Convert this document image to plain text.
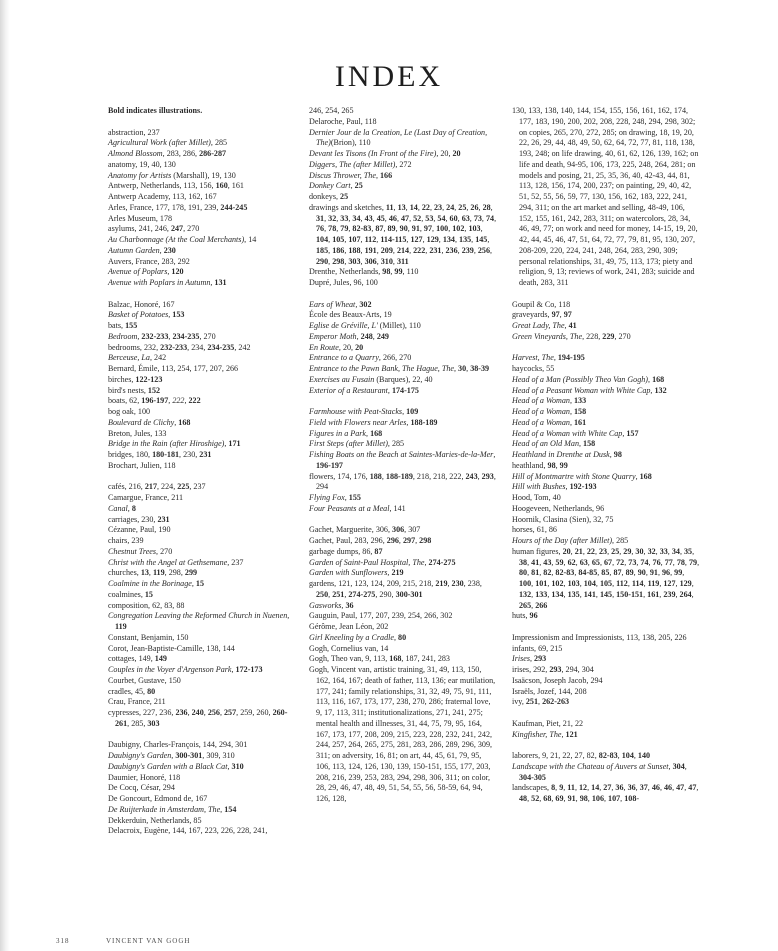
INDEX
Bold indicates illustrations.
abstraction, 237
Agricultural Work (after Millet), 285
Almond Blossom, 283, 286, 286-287
anatomy, 19, 40, 130
Anatomy for Artists (Marshall), 19, 130
Antwerp, Netherlands, 113, 156, 160, 161
Antwerp Academy, 113, 162, 167
Arles, France, 177, 178, 191, 239, 244-245
Arles Museum, 178
asylums, 241, 246, 247, 270
Au Charbonnage (At the Coal Merchants), 14
Autumn Garden, 230
Auvers, France, 283, 292
Avenue of Poplars, 120
Avenue with Poplars in Autumn, 131
Balzac, Honoré, 167
Basket of Potatoes, 153
bats, 155
Bedroom, 232-233, 234-235, 270
bedrooms, 232, 232-233, 234, 234-235, 242
Berceuse, La, 242
Bernard, Émile, 113, 254, 177, 207, 266
birches, 122-123
bird's nests, 152
boats, 62, 196-197, 222, 222
bog oak, 100
Boulevard de Clichy, 168
Breton, Jules, 133
Bridge in the Rain (after Hiroshige), 171
bridges, 180, 180-181, 230, 231
Brochart, Julien, 118
cafés, 216, 217, 224, 225, 237
Camargue, France, 211
Canal, 8
carriages, 230, 231
Cézanne, Paul, 190
chairs, 239
Chestnut Trees, 270
Christ with the Angel at Gethsemane, 237
churches, 13, 119, 298, 299
Coalmine in the Borinage, 15
coalmines, 15
composition, 62, 83, 88
Congregation Leaving the Reformed Church in Nuenen, 119
Constant, Benjamin, 150
Corot, Jean-Baptiste-Camille, 138, 144
cottages, 149, 149
Couples in the Voyer d'Argenson Park, 172-173
Courbet, Gustave, 150
cradles, 45, 80
Crau, France, 211
cypresses, 227, 236, 236, 240, 256, 257, 259, 260, 260-261, 285, 303
Daubigny, Charles-François, 144, 294, 301
Daubigny's Garden, 300-301, 309, 310
Daubigny's Garden with a Black Cat, 310
Daumier, Honoré, 118
De Cocq, César, 294
De Goncourt, Edmond de, 167
De Ruijterkade in Amsterdam, The, 154
Dekkerduin, Netherlands, 85
Delacroix, Eugène, 144, 167, 223, 226, 228, 241,
246, 254, 265
Delaroche, Paul, 118
Dernier Jour de la Creation, Le (Last Day of Creation, The)(Brion), 110
Devant les Tisons (In Front of the Fire), 20, 20
Diggers, The (after Millet), 272
Discus Thrower, The, 166
Donkey Cart, 25
donkeys, 25
drawings and sketches, 11, 13, 14, 22, 23, 24, 25, 26, 28, 31, 32, 33, 34, 43, 45, 46, 47, 52, 53, 54, 60, 63, 73, 74, 76, 78, 79, 82-83, 87, 89, 90, 91, 97, 100, 102, 103, 104, 105, 107, 112, 114-115, 127, 129, 134, 135, 145, 185, 186, 188, 191, 209, 214, 222, 231, 236, 239, 256, 290, 298, 303, 306, 310, 311
Drenthe, Netherlands, 98, 99, 110
Dupré, Jules, 96, 100
Ears of Wheat, 302
École des Beaux-Arts, 19
Eglise de Gréville, L' (Millet), 110
Emperor Moth, 248, 249
En Route, 20, 20
Entrance to a Quarry, 266, 270
Entrance to the Pawn Bank, The Hague, The, 30, 38-39
Exercises au Fusain (Barques), 22, 40
Exterior of a Restaurant, 174-175
Farmhouse with Peat-Stacks, 109
Field with Flowers near Arles, 188-189
Figures in a Park, 168
First Steps (after Millet), 285
Fishing Boats on the Beach at Saintes-Maries-de-la-Mer, 196-197
flowers, 174, 176, 188, 188-189, 218, 218, 222, 243, 293, 294
Flying Fox, 155
Four Peasants at a Meal, 141
Gachet, Marguerite, 306, 306, 307
Gachet, Paul, 283, 296, 296, 297, 298
garbage dumps, 86, 87
Garden of Saint-Paul Hospital, The, 274-275
Garden with Sunflowers, 219
gardens, 121, 123, 124, 209, 215, 218, 219, 230, 238, 250, 251, 274-275, 290, 300-301
Gasworks, 36
Gauguin, Paul, 177, 207, 239, 254, 266, 302
Gérôme, Jean Léon, 202
Girl Kneeling by a Cradle, 80
Gogh, Cornelius van, 14
Gogh, Theo van, 9, 113, 168, 187, 241, 283
Gogh, Vincent van, artistic training, 31, 49, 113, 150, 162, 164, 167; death of father, 113, 136; ear mutilation, 177, 241; family relationships, 31, 32, 49, 75, 91, 111, 113, 116, 167, 173, 177, 238, 270, 286; fraternal love, 9, 17, 113, 311; institutionalizations, 271, 241, 275; mental health and illnesses, 31, 44, 75, 79, 95, 164, 167, 173, 177, 208, 209, 215, 223, 228, 232, 241, 242, 244, 257, 264, 265, 275, 281, 283, 286, 289, 296, 309, 311; on adversity, 16, 81; on art, 44, 45, 61, 79, 95, 106, 113, 124, 126, 130, 139, 150-151, 155, 177, 203, 208, 216, 239, 253, 283, 294, 298, 306, 311; on color, 28, 29, 46, 47, 48, 49, 51, 54, 55, 56, 58-59, 64, 94, 126, 128,
130, 133, 138, 140, 144, 154, 155, 156, 161, 162, 174, 177, 183, 190, 200, 202, 208, 228, 248, 294, 298, 302; on copies, 265, 270, 272, 285; on drawing, 18, 19, 20, 22, 26, 29, 44, 48, 49, 50, 62, 64, 72, 77, 81, 118, 138, 193, 248; on life drawing, 40, 61, 62, 126, 139, 162; on life and death, 94-95, 106, 173, 225, 248, 264, 281; on models and posing, 21, 25, 35, 36, 40, 42-43, 44, 81, 113, 128, 156, 174, 200, 237; on painting, 29, 40, 42, 51, 52, 55, 56, 59, 77, 130, 156, 162, 183, 222, 241, 294, 311; on the art market and selling, 48-49, 106, 152, 155, 161, 242, 283, 311; on watercolors, 28, 34, 46, 49, 77; on work and need for money, 14-15, 19, 20, 42, 44, 45, 46, 47, 51, 64, 72, 77, 79, 81, 95, 130, 207, 208-209, 220, 224, 241, 248, 264, 283, 290, 309; personal relationships, 31, 49, 75, 113, 173; piety and religion, 9, 13; reviews of work, 241, 283; suicide and death, 283, 311
Goupil & Co, 118
graveyards, 97, 97
Great Lady, The, 41
Green Vineyards, The, 228, 229, 270
Harvest, The, 194-195
haycocks, 55
Head of a Man (Possibly Theo Van Gogh), 168
Head of a Peasant Woman with White Cap, 132
Head of a Woman, 133
Head of a Woman, 158
Head of a Woman, 161
Head of a Woman with White Cap, 157
Head of an Old Man, 158
Heathland in Drenthe at Dusk, 98
heathland, 98, 99
Hill of Montmartre with Stone Quarry, 168
Hill with Bushes, 192-193
Hood, Tom, 40
Hoogeveen, Netherlands, 96
Hoornik, Clasina (Sien), 32, 75
horses, 61, 86
Hours of the Day (after Millet), 285
human figures, 20, 21, 22, 23, 25, 29, 30, 32, 33, 34, 35, 38, 41, 43, 59, 62, 63, 65, 67, 72, 73, 74, 76, 77, 78, 79, 80, 81, 82, 82-83, 84-85, 85, 87, 89, 90, 91, 96, 99, 100, 101, 102, 103, 104, 105, 112, 114, 119, 127, 129, 132, 133, 134, 135, 141, 145, 150-151, 161, 239, 264, 265, 266
huts, 96
Impressionism and Impressionists, 113, 138, 205, 226
infants, 69, 215
Irises, 293
irises, 292, 293, 294, 304
Isaäcson, Joseph Jacob, 294
Israëls, Jozef, 144, 208
ivy, 251, 262-263
Kaufman, Piet, 21, 22
Kingfisher, The, 121
laborers, 9, 21, 22, 27, 82, 82-83, 104, 140
Landscape with the Chateau of Auvers at Sunset, 304, 304-305
landscapes, 8, 9, 11, 12, 14, 27, 36, 36, 37, 46, 46, 47, 47, 48, 52, 68, 69, 91, 98, 106, 107, 108-
318	VINCENT VAN GOGH
